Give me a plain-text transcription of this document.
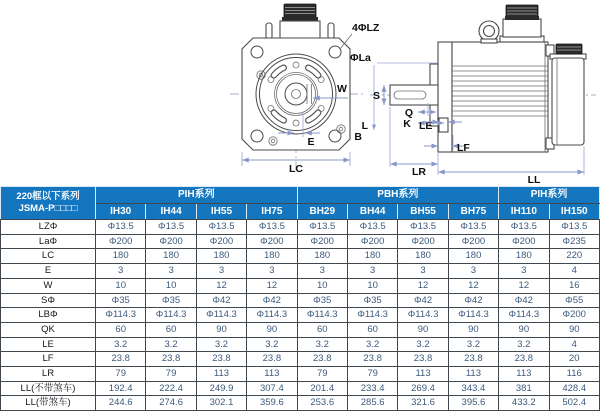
W
E
LC
4ΦLZ
ΦLa
L
B
S
Q
K LE
LF
LR
LL
220框以下系列
JSMA-P□□□□	PIH系列				PBH系列				PIH系列	
	IH30	IH44	IH55	IH75	BH29	BH44	BH55	BH75	IH110	IH150
LZΦ	Φ13.5	Φ13.5	Φ13.5	Φ13.5	Φ13.5	Φ13.5	Φ13.5	Φ13.5	Φ13.5	Φ13.5
LaΦ	Φ200	Φ200	Φ200	Φ200	Φ200	Φ200	Φ200	Φ200	Φ200	Φ235
LC	180	180	180	180	180	180	180	180	180	220
E	3	3	3	3	3	3	3	3	3	4
W	10	10	12	12	10	10	12	12	12	16
SΦ	Φ35	Φ35	Φ42	Φ42	Φ35	Φ35	Φ42	Φ42	Φ42	Φ55
LBΦ	Φ114.3	Φ114.3	Φ114.3	Φ114.3	Φ114.3	Φ114.3	Φ114.3	Φ114.3	Φ114.3	Φ200
QK	60	60	90	90	60	60	90	90	90	90
LE	3.2	3.2	3.2	3.2	3.2	3.2	3.2	3.2	3.2	4
LF	23.8	23.8	23.8	23.8	23.8	23.8	23.8	23.8	23.8	20
LR	79	79	113	113	79	79	113	113	113	116
LL(不带煞车)	192.4	222.4	249.9	307.4	201.4	233.4	269.4	343.4	381	428.4
LL(带煞车)	244.6	274.6	302.1	359.6	253.6	285.6	321.6	395.6	433.2	502.4
